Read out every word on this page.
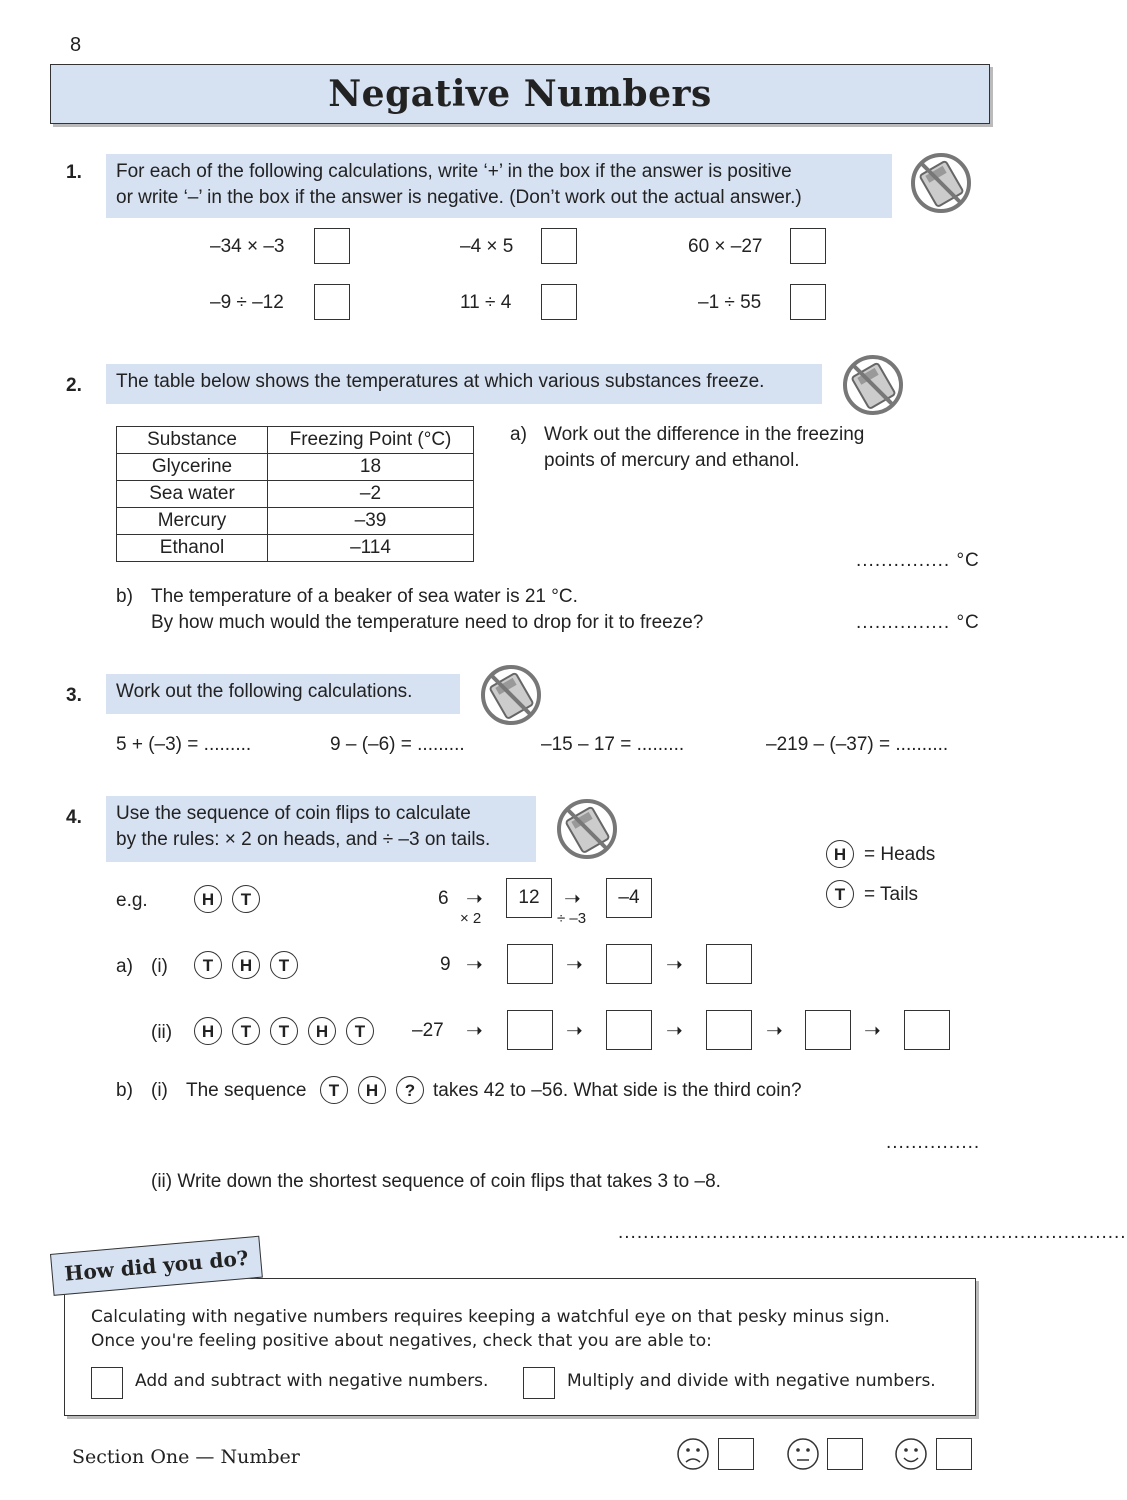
8
Negative Numbers
1. For each of the following calculations, write ‘+’ in the box if the answer is positive
or write ‘–’ in the box if the answer is negative. (Don’t work out the actual answer.)
–34 × –3	–4 × 5	60 × –27
–9 ÷ –12	11 ÷ 4	–1 ÷ 55
2.	The table below shows the temperatures at which various substances freeze.
Substance	Freezing Point (°C)
Glycerine	18
Sea water	–2
Mercury	–39
Ethanol	–114
a) Work out the difference in the freezing
points of mercury and ethanol.
............... °C
b) The temperature of a beaker of sea water is 21 °C.
By how much would the temperature need to drop for it to freeze?	............... °C
3.	Work out the following calculations.
5 + (–3) = .........	9 – (–6) = .........	–15 – 17 = .........	–219 – (–37) = ..........
4. Use the sequence of coin flips to calculate
by the rules: × 2 on heads, and ÷ –3 on tails.
H = Heads
T = Tails
e.g.	H T	6 ➝
× 2
12	➝
÷ –3
–4
a) (i)	T H T	9 ➝	➝	➝
(ii)	H T T H T	–27 ➝	➝	➝	➝	➝
b) (i) The sequence	T H ? takes 42 to –56. What side is the third coin?
...............
(ii) Write down the shortest sequence of coin flips that takes 3 to –8.
.................................................................................
Calculating with negative numbers requires keeping a watchful eye on that pesky minus sign.
Once you're feeling positive about negatives, check that you are able to:
Add and subtract with negative numbers.	Multiply and divide with negative numbers.
How did you do?
Section One — Number
